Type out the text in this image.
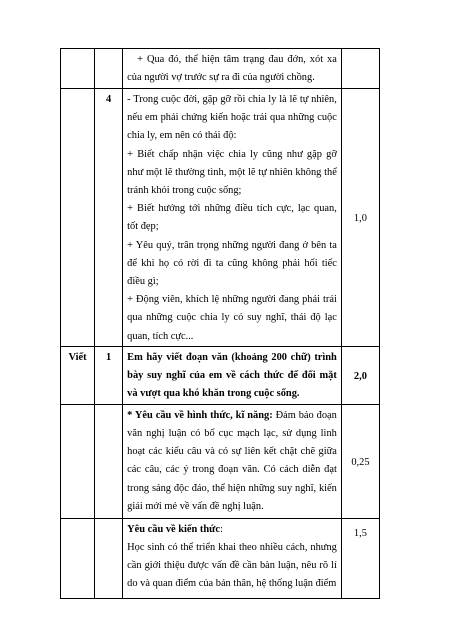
		+ Qua đó, thể hiện tâm trạng đau đớn, xót xa của người vợ trước sự ra đi của người chồng.	

	4	- Trong cuộc đời, gặp gỡ rồi chia ly là lẽ tự nhiên, nếu em phải chứng kiến hoặc trải qua những cuộc chia ly, em nên có thái độ:

+ Biết chấp nhận việc chia ly cũng như gặp gỡ như một lẽ thường tình, một lẽ tự nhiên không thể tránh khỏi trong cuộc sống;

+ Biết hướng tới những điều tích cực, lạc quan, tốt đẹp;

+ Yêu quý, trân trọng những người đang ở bên ta để khi họ có rời đi ta cũng không phải hối tiếc điều gì;

+ Động viên, khích lệ những người đang phải trải qua những cuộc chia ly có suy nghĩ, thái độ lạc quan, tích cực...	1,0

Viết	1	Em hãy viết đoạn văn (khoảng 200 chữ) trình bày suy nghĩ của em về cách thức để đối mặt và vượt qua khó khăn trong cuộc sống.	2,0

		* Yêu cầu về hình thức, kĩ năng: Đảm bảo đoạn văn nghị luận có bố cục mạch lạc, sử dụng linh hoạt các kiểu câu và có sự liên kết chặt chẽ giữa các câu, các ý trong đoạn văn. Có cách diễn đạt trong sáng độc đáo, thể hiện những suy nghĩ, kiến giải mới mẻ về vấn đề nghị luận.	0,25

		Yêu cầu về kiến thức:

Học sinh có thể triển khai theo nhiều cách, nhưng cần giới thiệu được vấn đề cần bàn luận, nêu rõ lí do và quan điểm của bản thân, hệ thống luận điểm	1,5
